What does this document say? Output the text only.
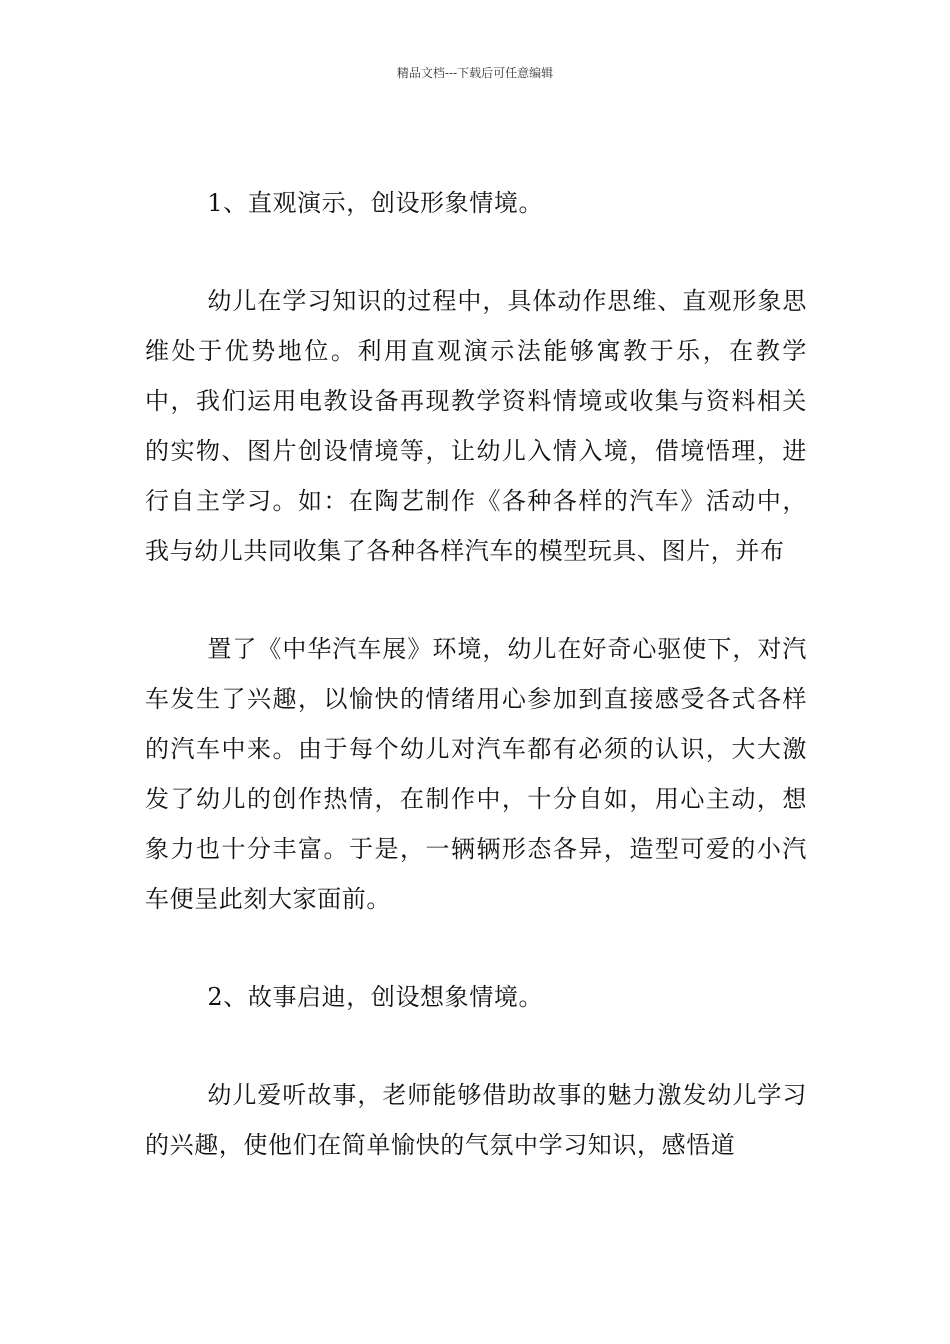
精品文档---下载后可任意编辑

1、直观演示，创设形象情境。

幼儿在学习知识的过程中，具体动作思维、直观形象思维处于优势地位。利用直观演示法能够寓教于乐，在教学中，我们运用电教设备再现教学资料情境或收集与资料相关的实物、图片创设情境等，让幼儿入情入境，借境悟理，进行自主学习。如：在陶艺制作《各种各样的汽车》活动中，我与幼儿共同收集了各种各样汽车的模型玩具、图片，并布

置了《中华汽车展》环境，幼儿在好奇心驱使下，对汽车发生了兴趣，以愉快的情绪用心参加到直接感受各式各样的汽车中来。由于每个幼儿对汽车都有必须的认识，大大激发了幼儿的创作热情，在制作中，十分自如，用心主动，想象力也十分丰富。于是，一辆辆形态各异，造型可爱的小汽车便呈此刻大家面前。

2、故事启迪，创设想象情境。

幼儿爱听故事，老师能够借助故事的魅力激发幼儿学习的兴趣，使他们在简单愉快的气氛中学习知识，感悟道
